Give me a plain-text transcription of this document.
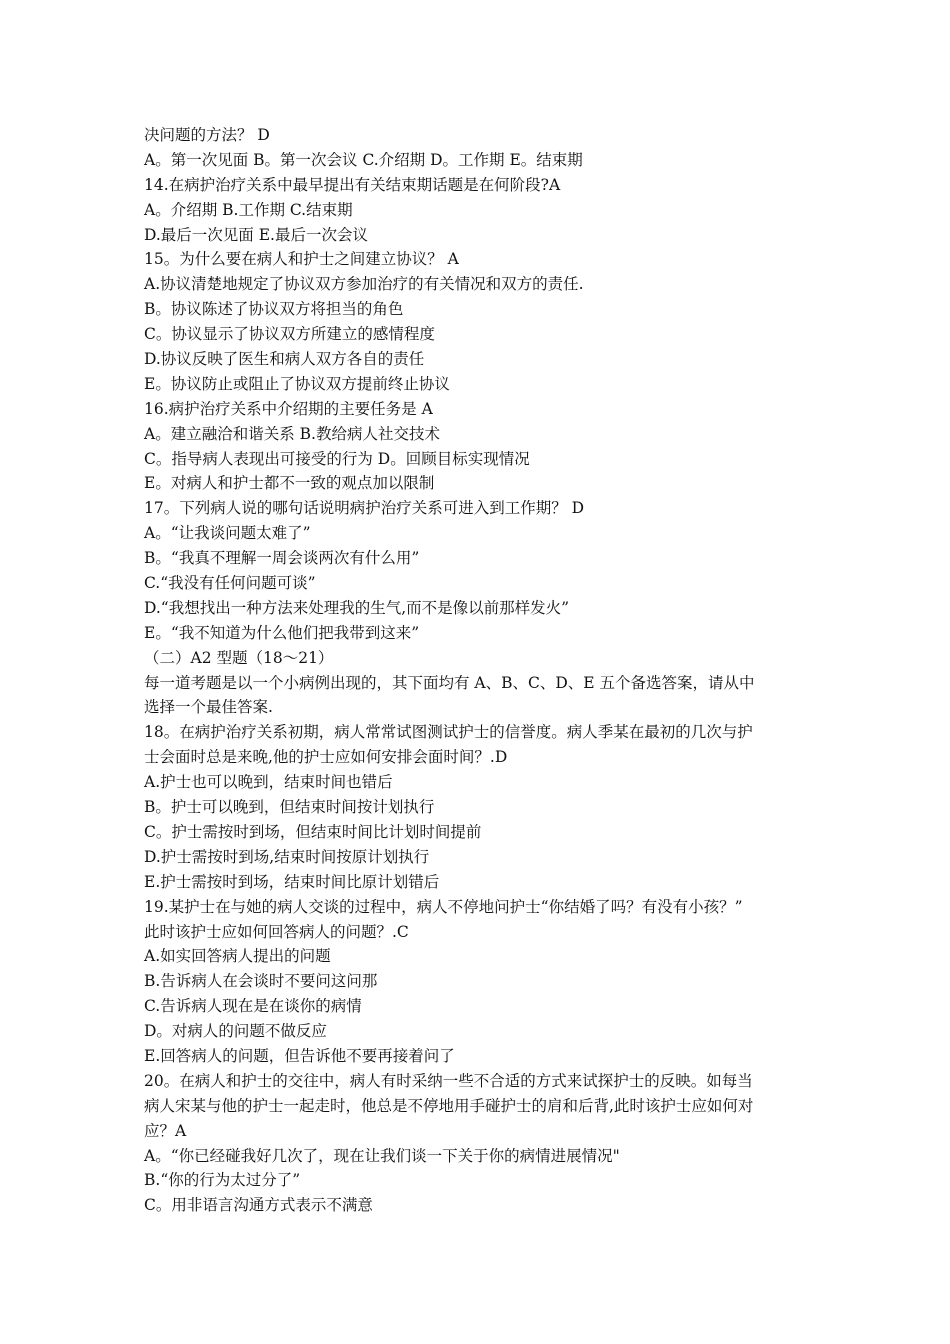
决问题的方法？ D
A。第一次见面 B。第一次会议 C.介绍期 D。工作期 E。结束期
14.在病护治疗关系中最早提出有关结束期话题是在何阶段?A
A。介绍期 B.工作期 C.结束期
D.最后一次见面 E.最后一次会议
15。为什么要在病人和护士之间建立协议？ A
A.协议清楚地规定了协议双方参加治疗的有关情况和双方的责任.
B。协议陈述了协议双方将担当的角色
C。协议显示了协议双方所建立的感情程度
D.协议反映了医生和病人双方各自的责任
E。协议防止或阻止了协议双方提前终止协议
16.病护治疗关系中介绍期的主要任务是 A
A。建立融洽和谐关系 B.教给病人社交技术
C。指导病人表现出可接受的行为 D。回顾目标实现情况
E。对病人和护士都不一致的观点加以限制
17。下列病人说的哪句话说明病护治疗关系可进入到工作期？ D
A。“让我谈问题太难了”
B。“我真不理解一周会谈两次有什么用”
C.“我没有任何问题可谈”
D.“我想找出一种方法来处理我的生气,而不是像以前那样发火”
E。“我不知道为什么他们把我带到这来”
（二）A2 型题（18～21）
每一道考题是以一个小病例出现的，其下面均有 A、B、C、D、E 五个备选答案，请从中
选择一个最佳答案.
18。在病护治疗关系初期，病人常常试图测试护士的信誉度。病人季某在最初的几次与护
士会面时总是来晚,他的护士应如何安排会面时间？.D
A.护士也可以晚到，结束时间也错后
B。护士可以晚到，但结束时间按计划执行
C。护士需按时到场，但结束时间比计划时间提前
D.护士需按时到场,结束时间按原计划执行
E.护士需按时到场，结束时间比原计划错后
19.某护士在与她的病人交谈的过程中，病人不停地问护士“你结婚了吗？有没有小孩？”
此时该护士应如何回答病人的问题？.C
A.如实回答病人提出的问题
B.告诉病人在会谈时不要问这问那
C.告诉病人现在是在谈你的病情
D。对病人的问题不做反应
E.回答病人的问题，但告诉他不要再接着问了
20。在病人和护士的交往中，病人有时采纳一些不合适的方式来试探护士的反映。如每当
病人宋某与他的护士一起走时，他总是不停地用手碰护士的肩和后背,此时该护士应如何对
应？A
A。“你已经碰我好几次了，现在让我们谈一下关于你的病情进展情况"
B.“你的行为太过分了”
C。用非语言沟通方式表示不满意
